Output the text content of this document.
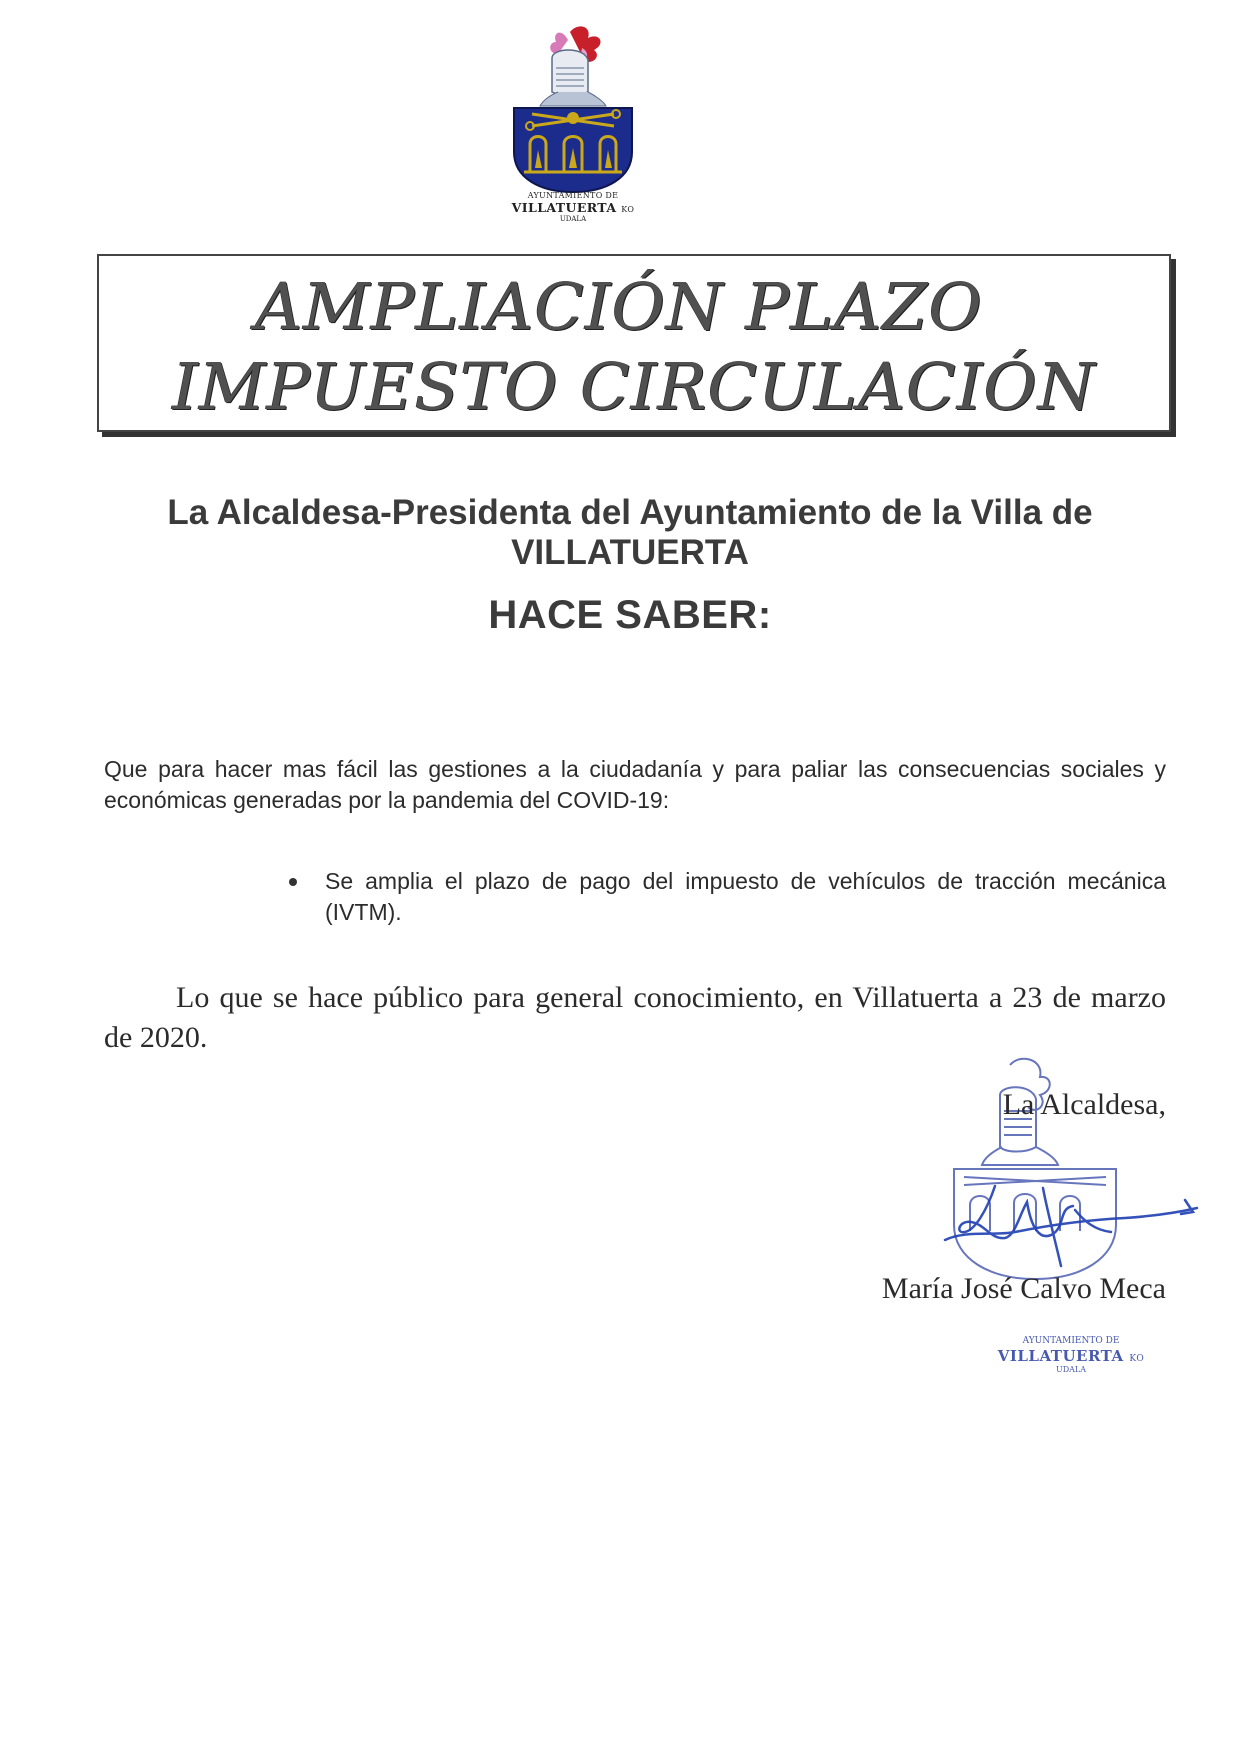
AYUNTAMIENTO DE
VILLATUERTA KO
UDALA
AMPLIACIÓN PLAZO
IMPUESTO CIRCULACIÓN
La Alcaldesa-Presidenta del Ayuntamiento de la Villa de
VILLATUERTA
HACE SABER:
Que para hacer mas fácil las gestiones a la ciudadanía y para paliar las consecuencias sociales y económicas generadas por la pandemia del COVID-19:
Se amplia el plazo de pago del impuesto de vehículos de tracción mecánica (IVTM).
Lo que se hace público para general conocimiento, en Villatuerta a 23 de marzo de 2020.
AYUNTAMIENTO DE
VILLATUERTA KO
UDALA
La Alcaldesa,
María José Calvo Meca
